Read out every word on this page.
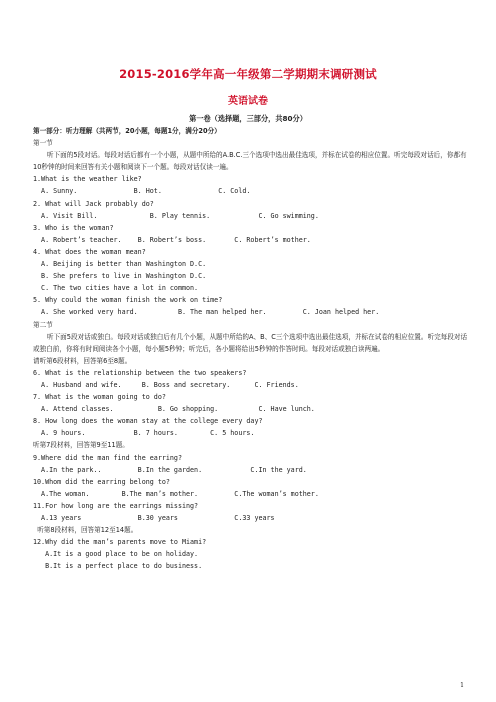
2015-2016学年高一年级第二学期期末调研测试
英语试卷
第一卷（选择题，三部分，共80分）

第一部分：听力理解（共两节，20小题，每题1分，满分20分）

第一节

听下面的5段对话。每段对话后都有一个小题，从题中所给的A.B.C.三个选项中选出最佳选项，并标在试卷的相应位置。听完每段对话后，你都有10秒钟的时间来回答有关小题和阅读下一个题。每段对话仅读一遍。

1.What is the weather like?

A. Sunny.              B. Hot.              C. Cold.

2. What will Jack probably do?

A. Visit Bill.             B. Play tennis.            C. Go swimming.

3. Who is the woman?

A. Robert’s teacher.    B. Robert’s boss.       C. Robert’s mother.

4. What does the woman mean?

A. Beijing is better than Washington D.C.

B. She prefers to live in Washington D.C.

C. The two cities have a lot in common.

5. Why could the woman finish the work on time?

A. She worked very hard.          B. The man helped her.         C. Joan helped her.

第二节

听下面5段对话或独白。每段对话或独白后有几个小题，从题中所给的A、B、C三个选项中选出最佳选项，并标在试卷的相应位置。听完每段对话或独白前，你将有时间阅读各个小题，每小题5秒钟；听完后，各小题将给出5秒钟的作答时间。每段对话或独白读两遍。

请听第6段材料，回答第6至8题。

6. What is the relationship between the two speakers?

A. Husband and wife.     B. Boss and secretary.      C. Friends.

7. What is the woman going to do?

A. Attend classes.           B. Go shopping.          C. Have lunch.

8. How long does the woman stay at the college every day?

A. 9 hours.            B. 7 hours.        C. 5 hours.

听第7段材料，回答第9至11题。

9.Where did the man find the earring?

A.In the park..         B.In the garden.            C.In the yard.

10.Whom did the earring belong to?

A.The woman.        B.The man’s mother.         C.The woman’s mother.

11.For how long are the earrings missing?

A.13 years              B.30 years              C.33 years

听第8段材料，回答第12至14题。

12.Why did the man’s parents move to Miami?

A.It is a good place to be on holiday.

B.It is a perfect place to do business.

1
